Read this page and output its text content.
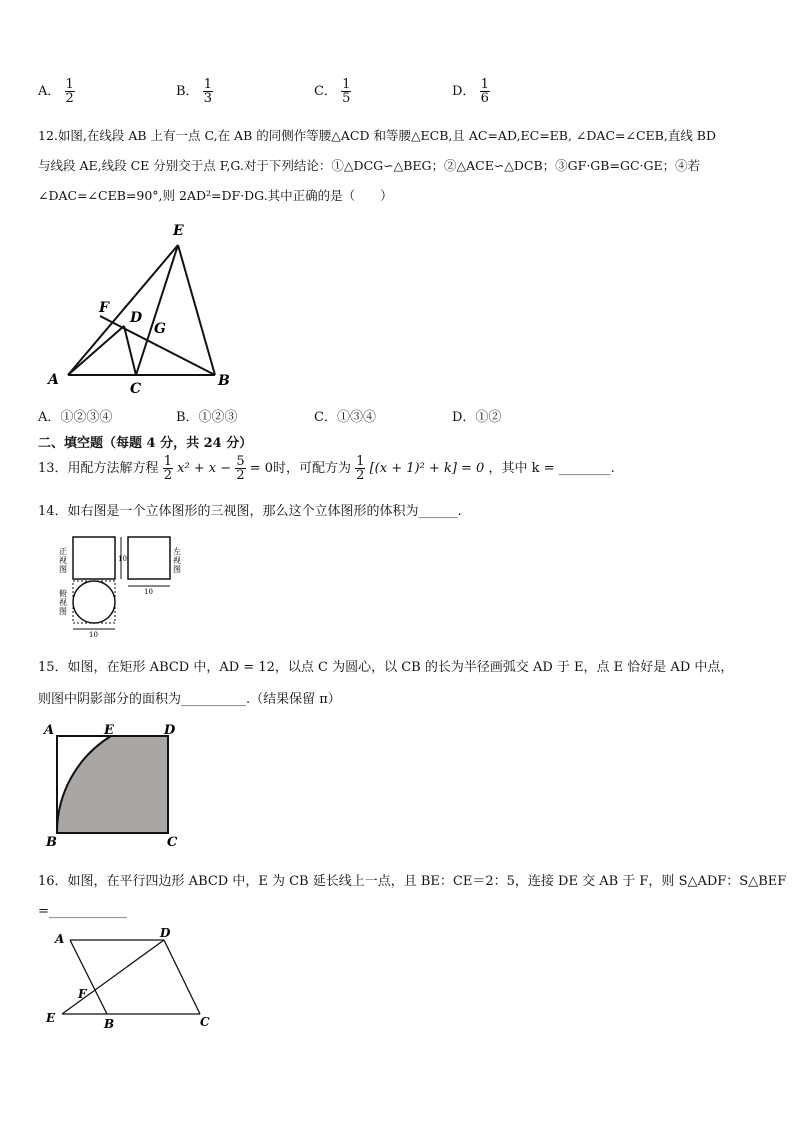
A． $\frac{1}{2}$	B． $\frac{1}{3}$	C． $\frac{1}{5}$	D． $\frac{1}{6}$
12.如图,在线段 AB 上有一点 C,在 AB 的同侧作等腰△ACD 和等腰△ECB,且 AC=AD,EC=EB, ∠DAC=∠CEB,直线 BD
与线段 AE,线段 CE 分别交于点 F,G.对于下列结论：①△DCG∽△BEG；②△ACE∽△DCB；③GF·GB=GC·GE；④若
∠DAC=∠CEB=90°,则 2AD²=DF·DG.其中正确的是（　　）
E
F
D
G
A
C	B
A．①②③④	B．①②③	C．①③④	D．①②
二、填空题（每题 4 分，共 24 分）
13．用配方法解方程 $\frac{1}{2} x^2 + x - \frac{5}{2} = 0$时，可配方为 $\frac{1}{2} [(x + 1)^2 + k] = 0$ ，其中 k = ________.
14．如右图是一个立体图形的三视图，那么这个立体图形的体积为______.
正视图
左视图
俯视图
10
10
10
15．如图，在矩形 ABCD 中，AD = 12，以点 C 为圆心，以 CB 的长为半径画弧交 AD 于 E，点 E 恰好是 AD 中点，
则图中阴影部分的面积为__________.（结果保留 π）
A	E	D
B	C
16．如图，在平行四边形 ABCD 中，E 为 CB 延长线上一点，且 BE：CE＝2：5，连接 DE 交 AB 于 F，则 S△ADF：S△BEF
=____________
A	D
F
E	B	C
